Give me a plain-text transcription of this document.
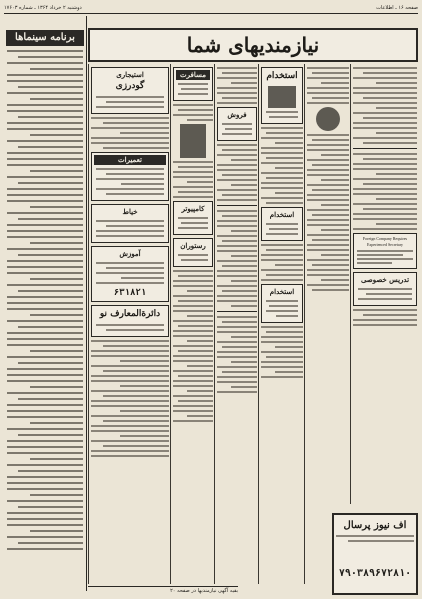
صفحه ۱۶ ـ اطلاعات
دوشنبه ۲ خرداد ۱۳۶۴ ـ شماره ۱۷۶۰۳
برنامه سینماها	نیازمندیهای شما
استیجاری
گودرزی
تعمیرات
خیاط
آموزش
۶۳۱۸۲۱
دائرةالمعارف نو
مسافرت
کامپیوتر
رستوران
فروش
استخدام
استخدام
استخدام
Foreign Company Requires Experienced Secretary
تدریس خصوصی
اف نیوز پرسال
۷۹۰۳۸۹۶۷۲۸۱۰
بقیه آگهی نیازمندیها در صفحه ۲۰
